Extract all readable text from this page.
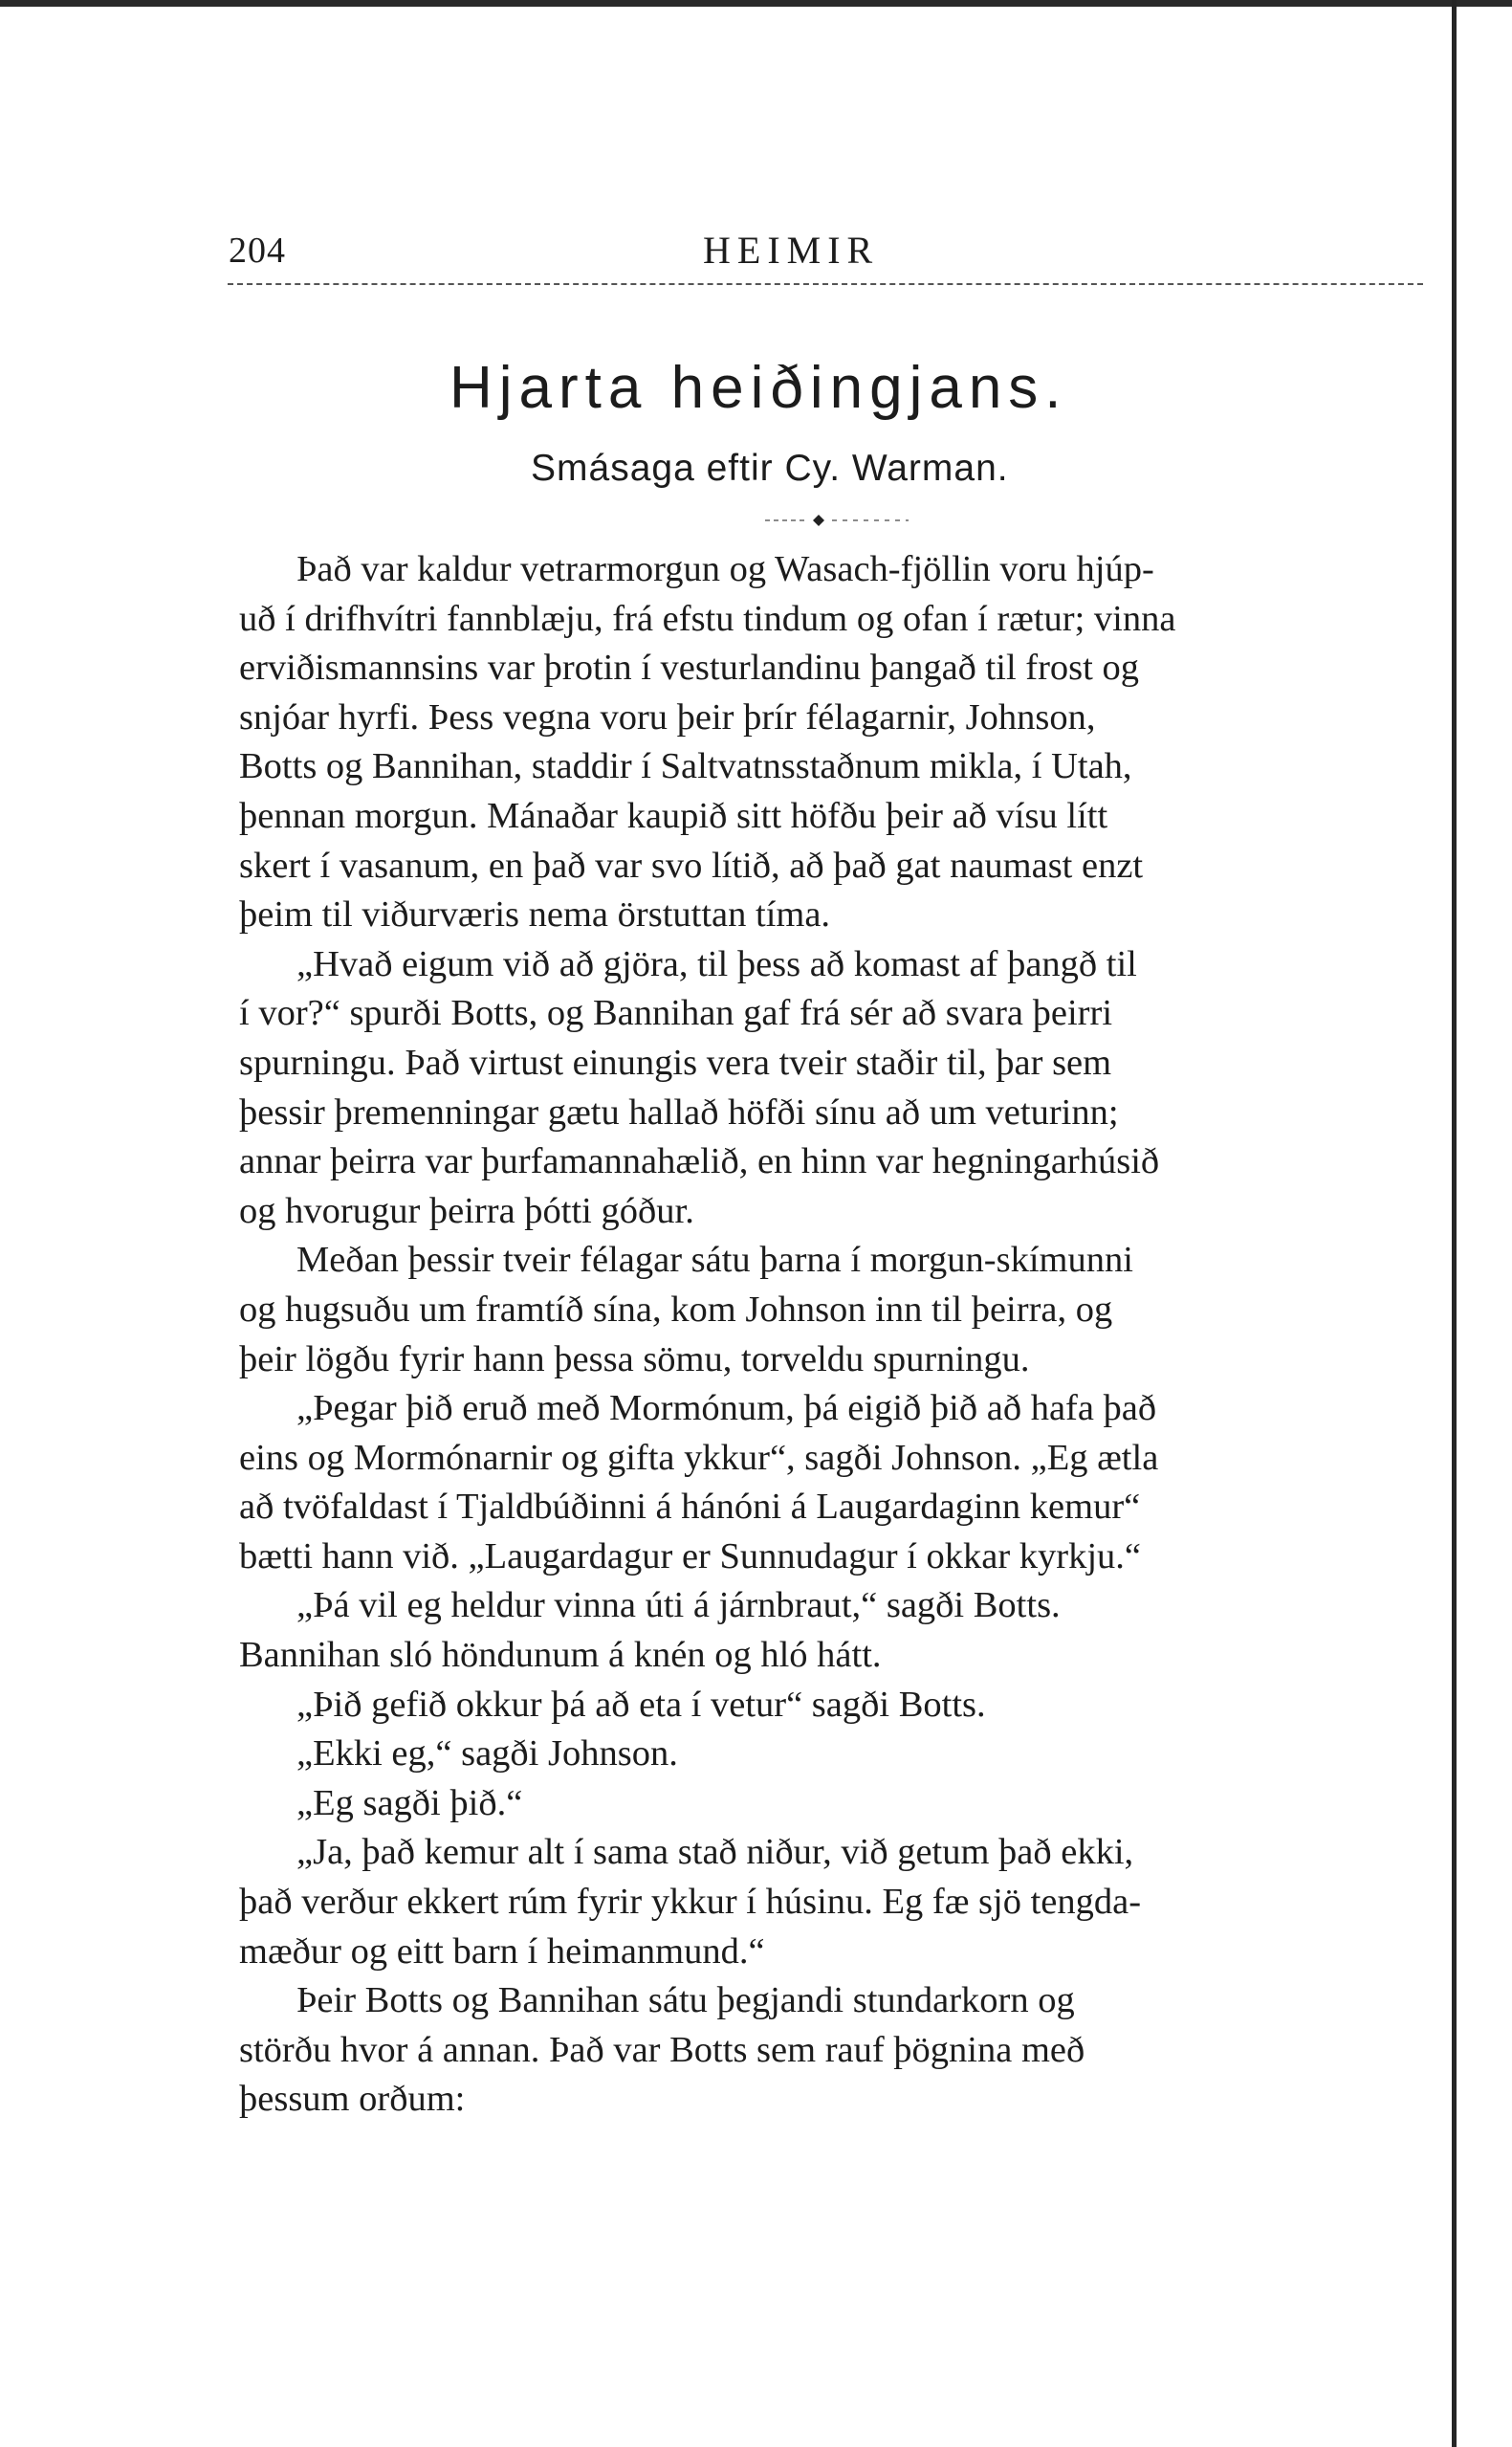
204	HEIMIR
Hjarta heiðingjans.
Smásaga eftir Cy. Warman.
Það var kaldur vetrarmorgun og Wasach-fjöllin voru hjúp-
uð í drifhvítri fannblæju, frá efstu tindum og ofan í rætur; vinna
erviðismannsins var þrotin í vesturlandinu þangað til frost og
snjóar hyrfi. Þess vegna voru þeir þrír félagarnir, Johnson,
Botts og Bannihan, staddir í Saltvatnsstaðnum mikla, í Utah,
þennan morgun. Mánaðar kaupið sitt höfðu þeir að vísu lítt
skert í vasanum, en það var svo lítið, að það gat naumast enzt
þeim til viðurværis nema örstuttan tíma.
„Hvað eigum við að gjöra, til þess að komast af þangð til
í vor?“ spurði Botts, og Bannihan gaf frá sér að svara þeirri
spurningu. Það virtust einungis vera tveir staðir til, þar sem
þessir þremenningar gætu hallað höfði sínu að um veturinn;
annar þeirra var þurfamannahælið, en hinn var hegningarhúsið
og hvorugur þeirra þótti góður.
Meðan þessir tveir félagar sátu þarna í morgun-skímunni
og hugsuðu um framtíð sína, kom Johnson inn til þeirra, og
þeir lögðu fyrir hann þessa sömu, torveldu spurningu.
„Þegar þið eruð með Mormónum, þá eigið þið að hafa það
eins og Mormónarnir og gifta ykkur“, sagði Johnson. „Eg ætla
að tvöfaldast í Tjaldbúðinni á hánóni á Laugardaginn kemur“
bætti hann við. „Laugardagur er Sunnudagur í okkar kyrkju.“
„Þá vil eg heldur vinna úti á járnbraut,“ sagði Botts.
Bannihan sló höndunum á knén og hló hátt.
„Þið gefið okkur þá að eta í vetur“ sagði Botts.
„Ekki eg,“ sagði Johnson.
„Eg sagði þið.“
„Ja, það kemur alt í sama stað niður, við getum það ekki,
það verður ekkert rúm fyrir ykkur í húsinu. Eg fæ sjö tengda-
mæður og eitt barn í heimanmund.“
Þeir Botts og Bannihan sátu þegjandi stundarkorn og
störðu hvor á annan. Það var Botts sem rauf þögnina með
þessum orðum:
